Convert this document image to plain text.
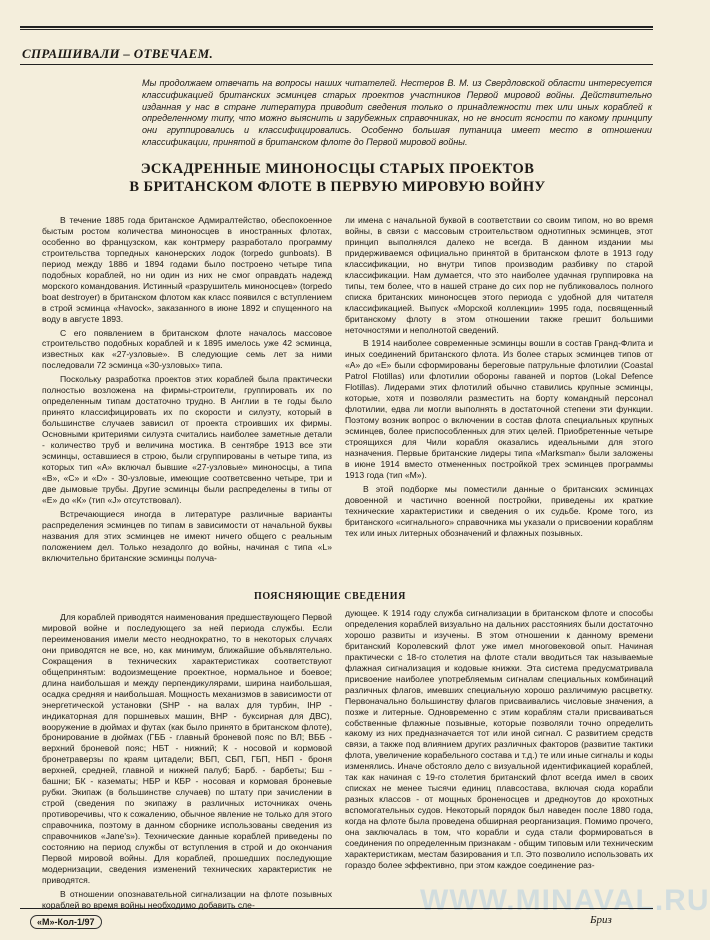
СПРАШИВАЛИ – ОТВЕЧАЕМ.
Мы продолжаем отвечать на вопросы наших читателей. Нестеров В. М. из Свердловской области интересуется классификацией британских эсминцев старых проектов участников Первой мировой войны. Действительно изданная у нас в стране литература приводит сведения только о принадлежности тех или иных кораблей к определенному типу, что можно выяснить и зарубежных справочниках, но не вносит ясности по какому принципу они группировались и классифицировались. Особенно большая путаница имеет место в отношении классификации, принятой в британском флоте до Первой мировой войны.
ЭСКАДРЕННЫЕ МИНОНОСЦЫ СТАРЫХ ПРОЕКТОВ
В БРИТАНСКОМ ФЛОТЕ В ПЕРВУЮ МИРОВУЮ ВОЙНУ

В течение 1885 года британское Адмиралтейство, обеспокоенное быстым ростом количества миноносцев в иностранных флотах, особенно во французском, как контрмеру разработало программу строительства торпедных канонерских лодок (torpedo gunboats). В период между 1886 и 1894 годами было построено четыре типа подобных кораблей, но ни один из них не смог оправдать надежд морского командования. Истинный «разрушитель миноносцев» (torpedo boat destroyer) в британском флотом как класс появился с вступлением в строй эсминца «Havock», заказанного в июне 1892 и спущенного на воду в августе 1893.

С его появлением в британском флоте началось массовое строительство подобных кораблей и к 1895 имелось уже 42 эсминца, известных как «27-узловые». В следующие семь лет за ними последовали 72 эсминца «30-узловых» типа.

Поскольку разработка проектов этих кораблей была практически полностью возложена на фирмы-строители, группировать их по определенным типам достаточно трудно. В Англии в те годы было принято классифицировать их по скорости и силуэту, который в большинстве случаев зависил от проекта строивших их фирмы. Основными критериями силуэта считались наиболее заметные детали - количество труб и величина мостика. В сентябре 1913 все эти эсминцы, оставшиеся в строю, были сгруппированы в четыре типа, из которых тип «А» включал бывшие «27-узловые» миноносцы, а типа «В», «С» и «D» - 30-узловые, имеющие соответсвенно четыре, три и две дымовые трубы. Другие эсминцы были распределены в типы от «Е» до «К» (тип «J» отсутствовал).

Встречающиеся иногда в литературе различные варианты распределения эсминцев по типам в зависимости от начальной буквы названия для этих эсминцев не имеют ничего общего с реальным положением дел. Только незадолго до войны, начиная с типа «L» включительно британские эсминцы получа-

ли имена с начальной буквой в соответствии со своим типом, но во время войны, в связи с массовым строительством однотипных эсминцев, этот принцип выполнялся далеко не всегда. В данном издании мы придерживаемся официально принятой в британском флоте в 1913 году классификации, но внутри типов производим разбивку по старой классификации. Нам думается, что это наиболее удачная группировка на типы, тем более, что в нашей стране до сих пор не публиковалось полного списка британских миноносцев этого периода с удобной для читателя классификацией. Выпуск «Морской коллекции» 1995 года, посвященный британскому флоту в этом отношении также грешит большими неточностями и неполнотой сведений.

В 1914 наиболее современные эсминцы вошли в состав Гранд-Флита и иных соединений британского флота. Из более старых эсминцев типов от «А» до «Е» были сформированы береговые патрульные флотилии (Coastal Patrol Flotillas) или флотилии обороны гаваней и портов (Lokal Defence Flotillas). Лидерами этих флотилий обычно ставились крупные эсминцы, которые, хотя и позволяли разместить на борту командный персонал флотилии, едва ли могли выполнять в достаточной степени эти функции. Поэтому возник вопрос о включении в состав флота специальных крупных эсминцев, более приспособленных для этих целей. Приобретенные четыре строящихся для Чили корабля оказались идеальными для этого назначения. Первые британские лидеры типа «Marksman» были заложены в июне 1914 вместо отмененных постройкой трех эсминцев программы 1913 года (тип «М»).

В этой подборке мы поместили данные о британских эсминцах довоенной и частично военной постройки, приведены их краткие технические характеристики и сведения о их судьбе. Кроме того, из британского «сигнального» справочника мы указали о присвоении кораблям тех или иных литерных обозначений и флажных позывных.

ПОЯСНЯЮЩИЕ СВЕДЕНИЯ

Для кораблей приводятся наименования предшествующего Первой мировой войне и последующего за ней периода службы. Если переименования имели место неоднократно, то в некоторых случаях они приводятся не все, но, как минимум, ближайшие объявлятельно. Сокращения в технических характеристиках соответствуют общепринятым: водоизмещение проектное, нормальное и боевое; длина наибольшая и между перпендикулярами, ширина наибольшая, осадка средняя и наибольшая. Мощность механизмов в зависимости от энергетической установки (SHP - на валах для турбин, IHP - индикаторная для поршневых машин, ВНР - буксирная для ДВС), вооружение в дюймах и футах (как было принято в британском флоте), бронирование в дюймах (ГББ - главный броневой пояс по ВЛ; ВББ - верхний броневой пояс; НБТ - нижний; К - носовой и кормовой бронетраверзы по краям цитадели; ВБП, СБП, ГБП, НБП - броня верхней, средней, главной и нижней палуб; Барб. - барбеты; Бш - башни; БК - казематы; НБР и КБР - носовая и кормовая броневые рубки. Экипаж (в большинстве случаев) по штату при зачислении в строй (сведения по экипажу в различных источниках очень противоречивы, что к сожалению, обычное явление не только для этого справочника, поэтому в данном сборнике использованы сведения из справочников «Jane's»). Технические данные кораблей приведены по состоянию на период службы от вступления в строй и до окончания Первой мировой войны. Для кораблей, прошедших последующие модернизации, сведения изменений технических характеристик не приводятся.

В отношении опознавательной сигнализации на флоте позывных кораблей во время войны необходимо добавить сле-

дующее. К 1914 году служба сигнализации в британском флоте и способы определения кораблей визуально на дальних расстояниях были достаточно хорошо развиты и изучены. В этом отношении к данному времени британский Королевский флот уже имел многовековой опыт. Начиная практически с 18-го столетия на флоте стали вводиться так называемые флажная сигнализация и кодовые книжки. Эта система предусматривала присвоение наиболее употребляемым сигналам специальных комбинаций различных флагов, имевших специальную хорошо различимую расцветку. Первоначально большинству флагов присваивались числовые значения, а позже и литерные. Одновременно с этим кораблям стали присваиваться собственные флажные позывные, которые позволяли точно определить какому из них предназначается тот или иной сигнал. С развитием средств связи, а также под влиянием других различных факторов (развитие тактики флота, увеличение корабельного состава и т.д.) те или иные сигналы и коды изменялись. Иначе обстояло дело с визуальной идентификацией кораблей, так как начиная с 19-го столетия британский флот всегда имел в своих списках не менее тысячи единиц плавсостава, включая сюда корабли разных классов - от мощных броненосцев и дредноутов до крохотных вспомогательных судов. Некоторый порядок был наведен после 1880 года, когда на флоте была проведена обширная реорганизация. Помимо прочего, она заключалась в том, что корабли и суда стали формироваться в соединения по определенным признакам - общим типовым или техническим характеристикам, местам базирования и т.п. Это позволило использовать их гораздо более эффективно, при этом каждое соединение раз-

WWW.MINAVAL.RU
«М»-Кол-1/97	Бриз
